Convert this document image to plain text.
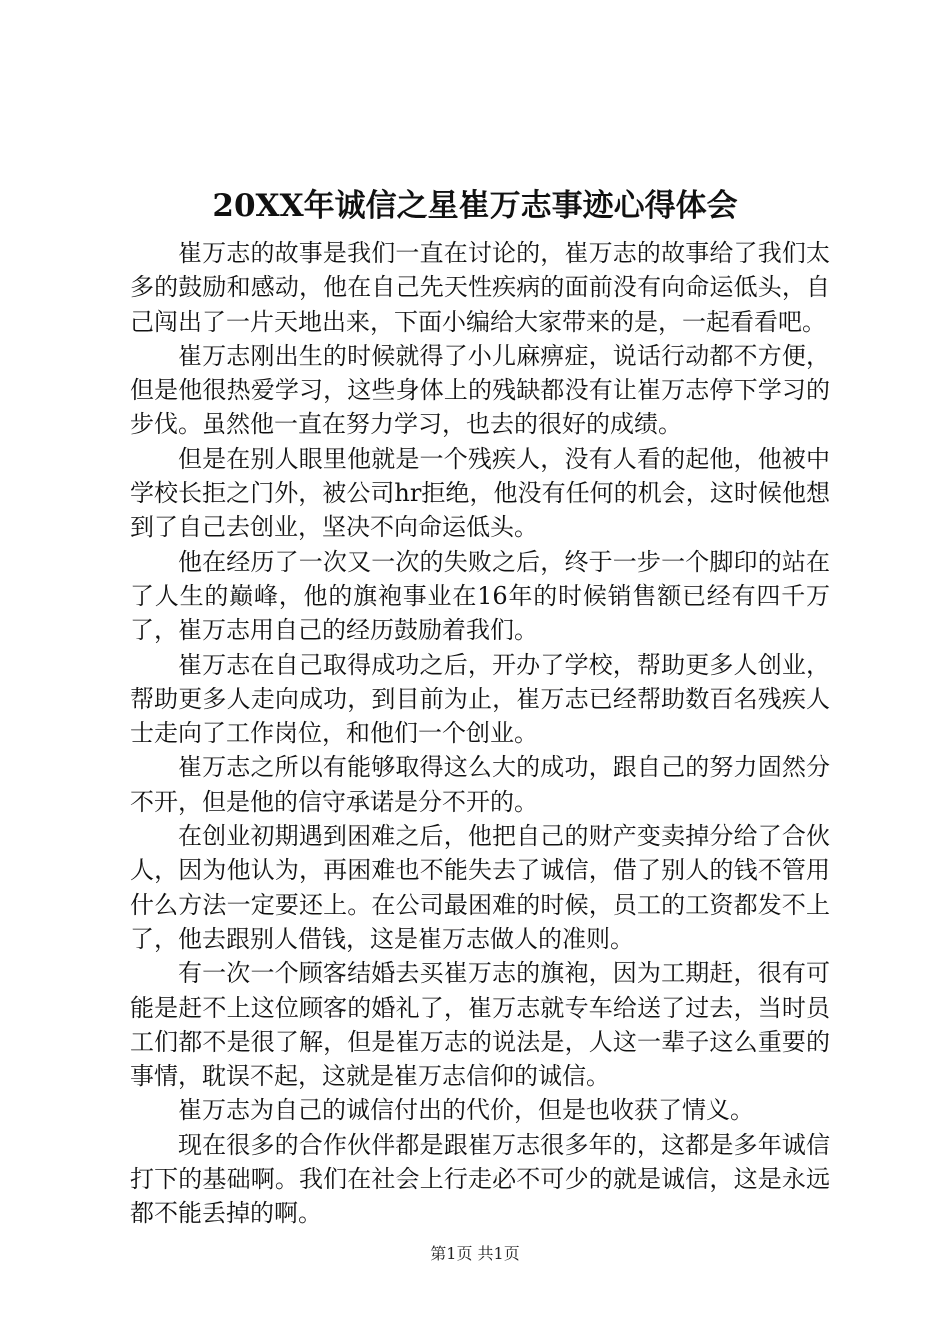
20XX年诚信之星崔万志事迹心得体会

崔万志的故事是我们一直在讨论的，崔万志的故事给了我们太多的鼓励和感动，他在自己先天性疾病的面前没有向命运低头，自己闯出了一片天地出来，下面小编给大家带来的是，一起看看吧。

崔万志刚出生的时候就得了小儿麻痹症，说话行动都不方便，但是他很热爱学习，这些身体上的残缺都没有让崔万志停下学习的步伐。虽然他一直在努力学习，也去的很好的成绩。

但是在别人眼里他就是一个残疾人，没有人看的起他，他被中学校长拒之门外，被公司hr拒绝，他没有任何的机会，这时候他想到了自己去创业，坚决不向命运低头。

他在经历了一次又一次的失败之后，终于一步一个脚印的站在了人生的巅峰，他的旗袍事业在16年的时候销售额已经有四千万了，崔万志用自己的经历鼓励着我们。

崔万志在自己取得成功之后，开办了学校，帮助更多人创业，帮助更多人走向成功，到目前为止，崔万志已经帮助数百名残疾人士走向了工作岗位，和他们一个创业。

崔万志之所以有能够取得这么大的成功，跟自己的努力固然分不开，但是他的信守承诺是分不开的。

在创业初期遇到困难之后，他把自己的财产变卖掉分给了合伙人，因为他认为，再困难也不能失去了诚信，借了别人的钱不管用什么方法一定要还上。在公司最困难的时候，员工的工资都发不上了，他去跟别人借钱，这是崔万志做人的准则。

有一次一个顾客结婚去买崔万志的旗袍，因为工期赶，很有可能是赶不上这位顾客的婚礼了，崔万志就专车给送了过去，当时员工们都不是很了解，但是崔万志的说法是，人这一辈子这么重要的事情，耽误不起，这就是崔万志信仰的诚信。

崔万志为自己的诚信付出的代价，但是也收获了情义。

现在很多的合作伙伴都是跟崔万志很多年的，这都是多年诚信打下的基础啊。我们在社会上行走必不可少的就是诚信，这是永远都不能丢掉的啊。

第1页 共1页
